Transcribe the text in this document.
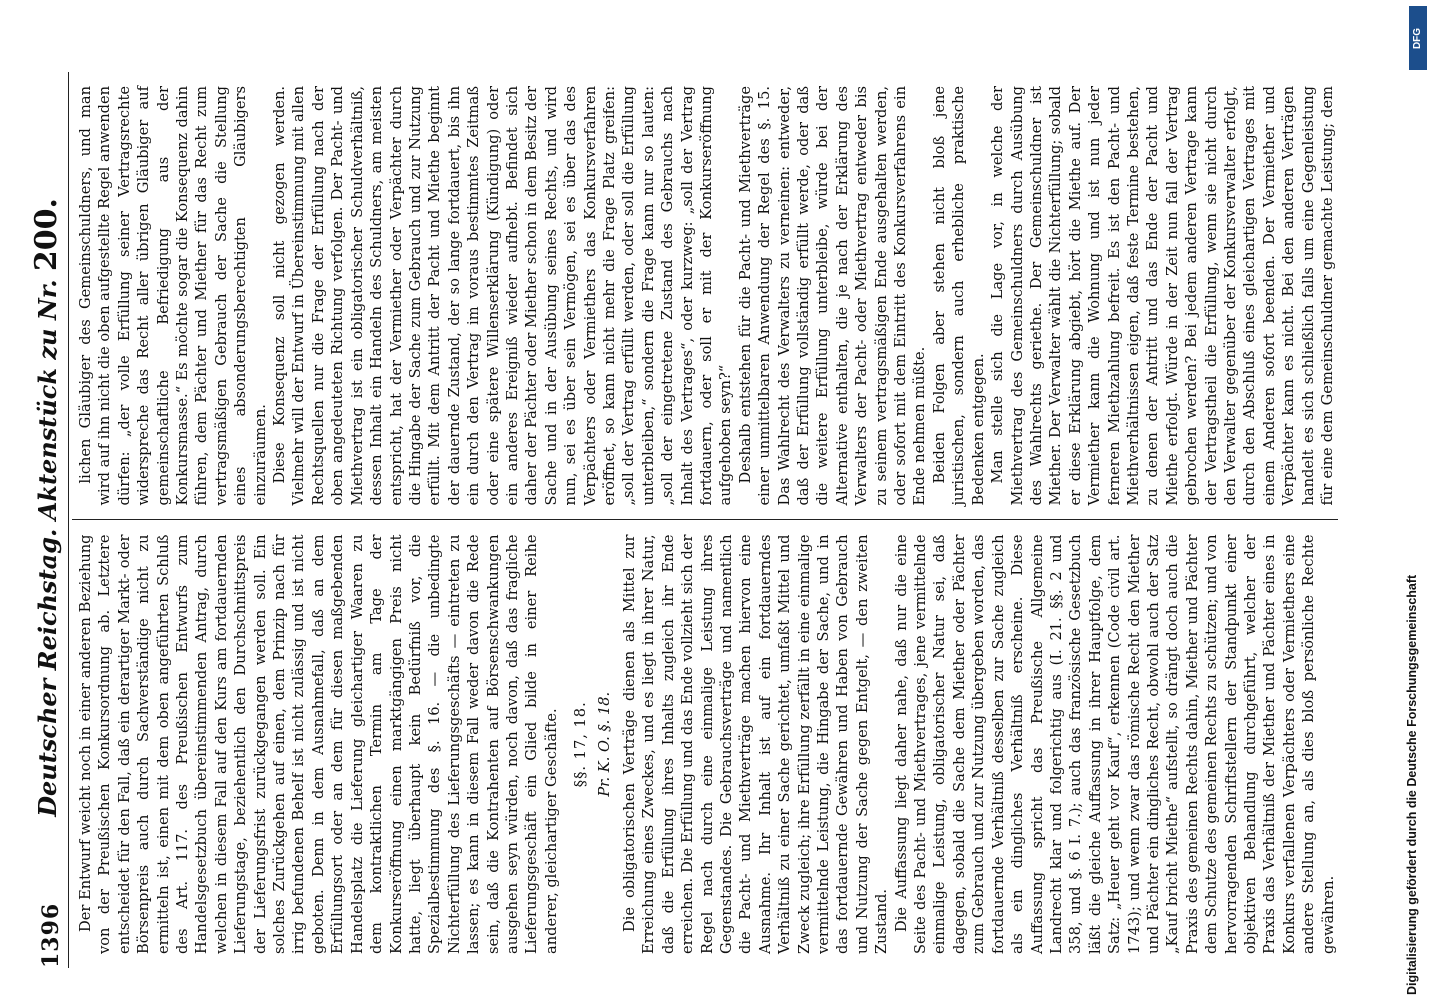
1396
Deutscher Reichstag. Aktenstück zu Nr. 200.

Der Entwurf weicht noch in einer anderen Beziehung von der Preußischen Konkursordnung ab. Letztere entscheidet für den Fall, daß ein derartiger Markt- oder Börsenpreis auch durch Sachverständige nicht zu ermitteln ist, einen mit dem oben angeführten Schluß des Art. 117. des Preußischen Entwurfs zum Handelsgesetzbuch übereinstimmenden Antrag, durch welchen in diesem Fall auf den Kurs am fortdauernden Lieferungstage, beziehentlich den Durchschnittspreis der Lieferungsfrist zurückgegangen werden soll. Ein solches Zurückgehen auf einen, dem Prinzip nach für irrig befundenen Behelf ist nicht zulässig und ist nicht geboten. Denn in dem Ausnahmefall, daß an dem Erfüllungsort oder an dem für diesen maßgebenden Handelsplatz die Lieferung gleichartiger Waaren zu dem kontraktlichen Termin am Tage der Konkurseröffnung einen marktgängigen Preis nicht hatte, liegt überhaupt kein Bedürfniß vor, die Spezialbestimmung des §. 16. — die unbedingte Nichterfüllung des Lieferungsgeschäfts — eintreten zu lassen; es kann in diesem Fall weder davon die Rede sein, daß die Kontrahenten auf Börsenschwankungen ausgehen seyn würden, noch davon, daß das fragliche Lieferungsgeschäft ein Glied bilde in einer Reihe anderer, gleichartiger Geschäfte. §§. 17, 18. Pr. K. O. §. 18. Die obligatorischen Verträge dienen als Mittel zur Erreichung eines Zweckes, und es liegt in ihrer Natur, daß die Erfüllung ihres Inhalts zugleich ihr Ende erreichen. Die Erfüllung und das Ende vollzieht sich der Regel nach durch eine einmalige Leistung ihres Gegenstandes. Die Gebrauchsverträge und namentlich die Pacht- und Miethverträge machen hiervon eine Ausnahme. Ihr Inhalt ist auf ein fortdauerndes Verhältniß zu einer Sache gerichtet, umfaßt Mittel und Zweck zugleich; ihre Erfüllung zerfällt in eine einmalige vermittelnde Leistung, die Hingabe der Sache, und in das fortdauernde Gewähren und Haben von Gebrauch und Nutzung der Sache gegen Entgelt, — den zweiten Zustand. Die Auffassung liegt daher nahe, daß nur die eine Seite des Pacht- und Miethvertrages, jene vermittelnde einmalige Leistung, obligatorischer Natur sei, daß dagegen, sobald die Sache dem Miether oder Pächter zum Gebrauch und zur Nutzung übergeben worden, das fortdauernde Verhältniß desselben zur Sache zugleich als ein dingliches Verhältniß erscheine. Diese Auffassung spricht das Preußische Allgemeine Landrecht klar und folgerichtig aus (I. 21. §§. 2 und 358, und §. 6 I. 7.); auch das französische Gesetzbuch läßt die gleiche Auffassung in ihrer Hauptfolge, dem Satz: „Heuer geht vor Kauf“, erkennen (Code civil art. 1743); und wenn zwar das römische Recht den Miether und Pächter ein dingliches Recht, obwohl auch der Satz „Kauf bricht Miethe“ aufstellt, so drängt doch auch die Praxis des gemeinen Rechts dahin, Miether und Pächter dem Schutze des gemeinen Rechts zu schützen; und von hervorragenden Schriftstellern der Standpunkt einer objektiven Behandlung durchgeführt, welcher der Praxis das Verhältniß der Miether und Pächter eines in Konkurs verfallenen Verpächters oder Vermiethers eine andere Stellung an, als dies bloß persönliche Rechte gewähren.

lichen Gläubiger des Gemeinschuldners, und man wird auf ihn nicht die oben aufgestellte Regel anwenden dürfen: „der volle Erfüllung seiner Vertragsrechte widerspreche das Recht aller übrigen Gläubiger auf gemeinschaftliche Befriedigung aus der Konkursmasse.“ Es möchte sogar die Konsequenz dahin führen, dem Pächter und Miether für das Recht zum vertragsmäßigen Gebrauch der Sache die Stellung eines absonderungsberechtigten Gläubigers einzuräumen. Diese Konsequenz soll nicht gezogen werden. Vielmehr will der Entwurf in Übereinstimmung mit allen Rechtsquellen nur die Frage der Erfüllung nach der oben angedeuteten Richtung verfolgen. Der Pacht- und Miethvertrag ist ein obligatorischer Schuldverhältniß, dessen Inhalt ein Handeln des Schuldners, am meisten entspricht, hat der Vermiether oder Verpächter durch die Hingabe der Sache zum Gebrauch und zur Nutzung erfüllt. Mit dem Antritt der Pacht und Miethe beginnt der dauernde Zustand, der so lange fortdauert, bis ihn ein durch den Vertrag im voraus bestimmtes Zeitmaß oder eine spätere Willenserklärung (Kündigung) oder ein anderes Ereigniß wieder aufhebt. Befindet sich daher der Pächter oder Miether schon in dem Besitz der Sache und in der Ausübung seines Rechts, und wird nun, sei es über sein Vermögen, sei es über das des Verpächters oder Vermiethers das Konkursverfahren eröffnet, so kann nicht mehr die Frage Platz greifen: „soll der Vertrag erfüllt werden, oder soll die Erfüllung unterbleiben,“ sondern die Frage kann nur so lauten: „soll der eingetretene Zustand des Gebrauchs nach Inhalt des Vertrages“, oder kurzweg: „soll der Vertrag fortdauern, oder soll er mit der Konkurseröffnung aufgehoben seyn?“ Deshalb entstehen für die Pacht- und Miethverträge einer unmittelbaren Anwendung der Regel des §. 15. Das Wahlrecht des Verwalters zu verneinen: entweder, daß der Erfüllung vollständig erfüllt werde, oder daß die weitere Erfüllung unterbleibe, würde bei der Alternative enthalten, die je nach der Erklärung des Verwalters der Pacht- oder Miethvertrag entweder bis zu seinem vertragsmäßigen Ende ausgehalten werden, oder sofort mit dem Eintritt des Konkursverfahrens ein Ende nehmen müßte. Beiden Folgen aber stehen nicht bloß jene juristischen, sondern auch erhebliche praktische Bedenken entgegen. Man stelle sich die Lage vor, in welche der Miethvertrag des Gemeinschuldners durch Ausübung des Wahlrechts geriethe. Der Gemeinschuldner ist Miether. Der Verwalter wählt die Nichterfüllung; sobald er diese Erklärung abgiebt, hört die Miethe auf. Der Vermiether kann die Wohnung und ist nun jeder ferneren Miethzahlung befreit. Es ist den Pacht- und Miethverhältnissen eigen, daß feste Termine bestehen, zu denen der Antritt und das Ende der Pacht und Miethe erfolgt. Würde in der Zeit nun fall der Vertrag gebrochen werden? Bei jedem anderen Vertrage kann der Vertragstheil die Erfüllung, wenn sie nicht durch den Verwalter gegenüber der Konkursverwalter erfolgt, durch den Abschluß eines gleichartigen Vertrages mit einem Anderen sofort beenden. Der Vermiether und Verpächter kann es nicht. Bei den anderen Verträgen handelt es sich schließlich falls um eine Gegenleistung für eine dem Gemeinschuldner gemachte Leistung; dem

DFG
Digitalisierung gefördert durch die Deutsche Forschungsgemeinschaft
